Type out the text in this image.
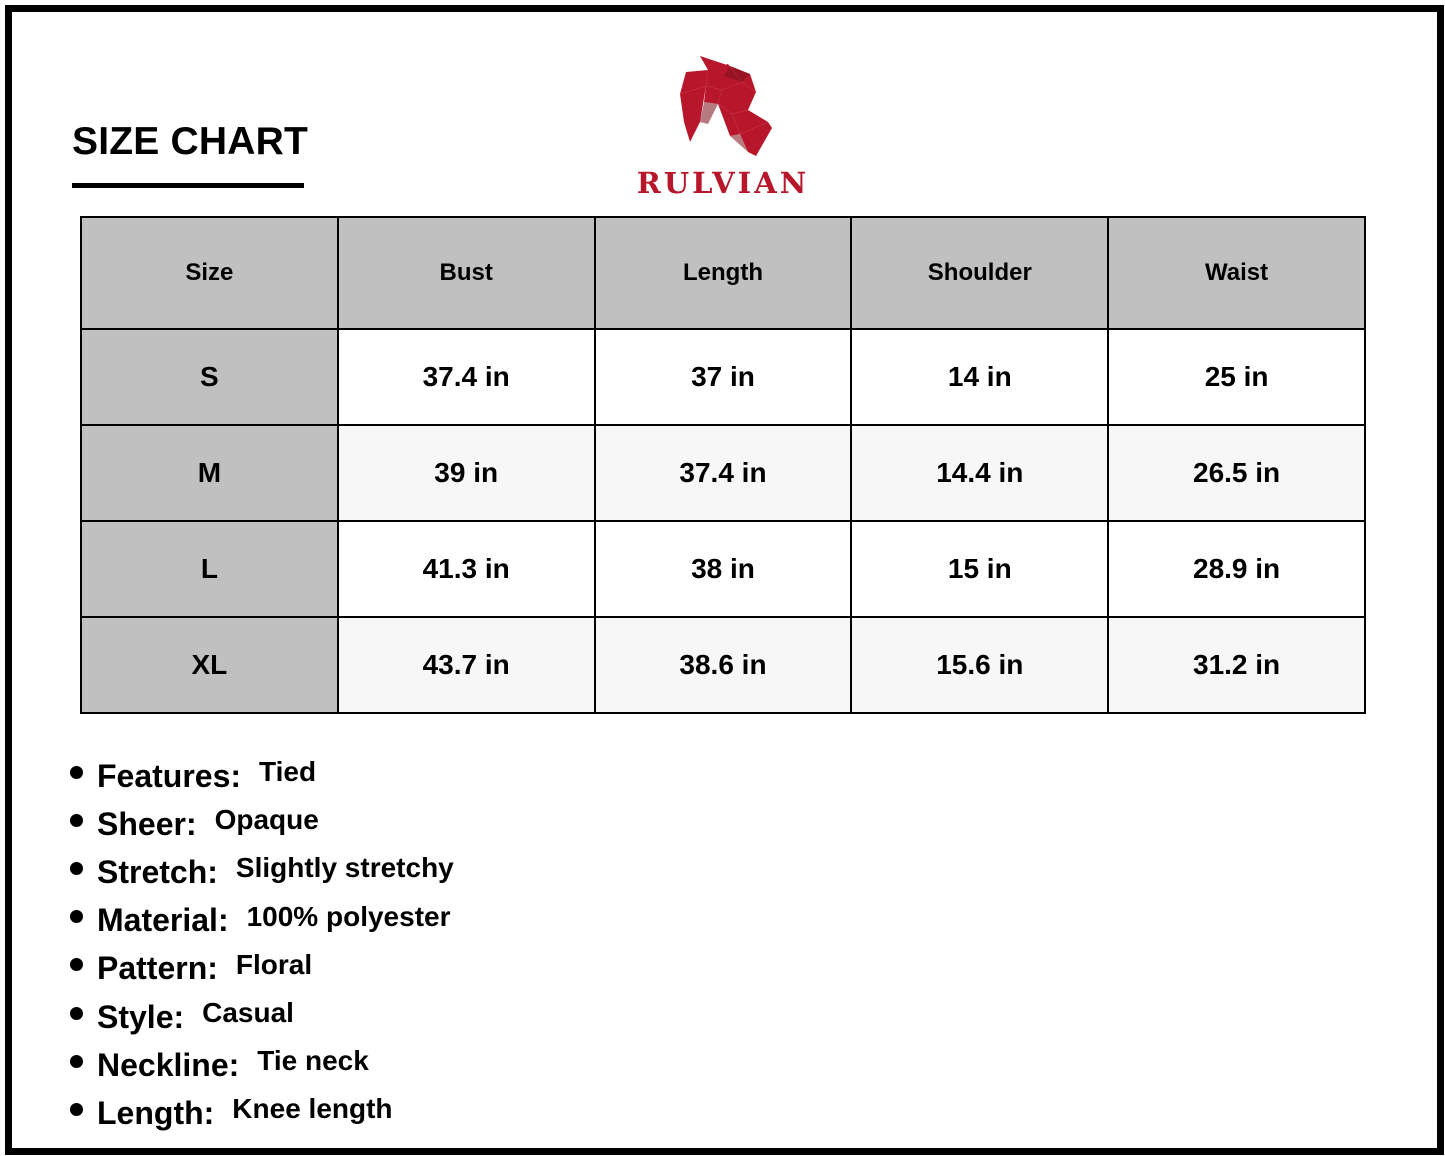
SIZE CHART
RULVIAN
Size	Bust	Length	Shoulder	Waist
S	37.4 in	37 in	14 in	25 in
M	39 in	37.4 in	14.4 in	26.5 in
L	41.3 in	38 in	15 in	28.9 in
XL	43.7 in	38.6 in	15.6 in	31.2 in
Features: Tied
Sheer: Opaque
Stretch: Slightly stretchy
Material: 100% polyester
Pattern: Floral
Style: Casual
Neckline: Tie neck
Length: Knee length
